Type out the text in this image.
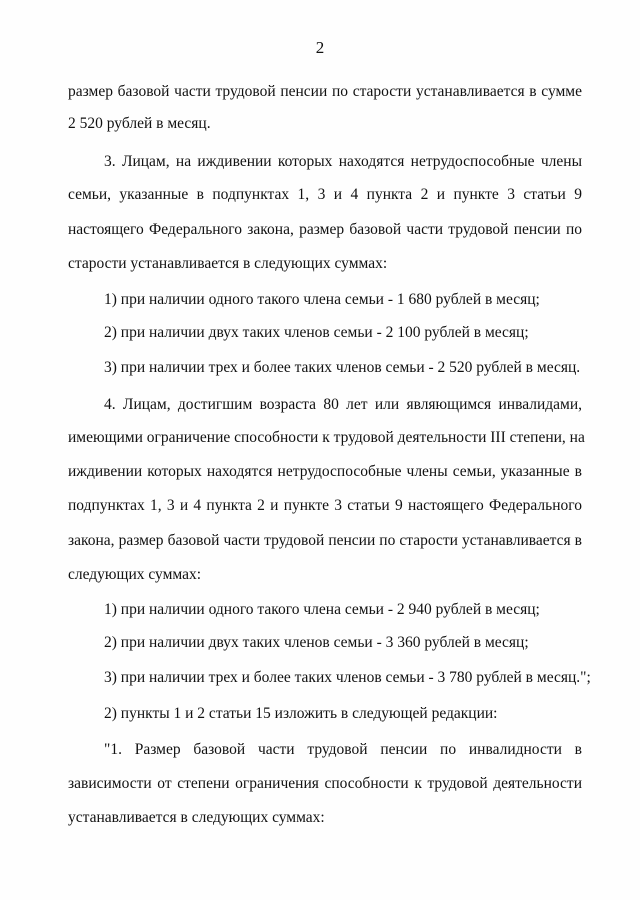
2
размер базовой части трудовой пенсии по старости устанавливается в сумме
2 520 рублей в месяц.
3. Лицам, на иждивении которых находятся нетрудоспособные члены
семьи, указанные в подпунктах 1, 3 и 4 пункта 2 и пункте 3 статьи 9
настоящего Федерального закона, размер базовой части трудовой пенсии по
старости устанавливается в следующих суммах:
1) при наличии одного такого члена семьи - 1 680 рублей в месяц;
2) при наличии двух таких членов семьи - 2 100 рублей в месяц;
3) при наличии трех и более таких членов семьи - 2 520 рублей в месяц.
4. Лицам, достигшим возраста 80 лет или являющимся инвалидами,
имеющими ограничение способности к трудовой деятельности III степени, на
иждивении которых находятся нетрудоспособные члены семьи, указанные в
подпунктах 1, 3 и 4 пункта 2 и пункте 3 статьи 9 настоящего Федерального
закона, размер базовой части трудовой пенсии по старости устанавливается в
следующих суммах:
1) при наличии одного такого члена семьи - 2 940 рублей в месяц;
2) при наличии двух таких членов семьи - 3 360 рублей в месяц;
3) при наличии трех и более таких членов семьи - 3 780 рублей в месяц.";
2) пункты 1 и 2 статьи 15 изложить в следующей редакции:
"1. Размер базовой части трудовой пенсии по инвалидности в
зависимости от степени ограничения способности к трудовой деятельности
устанавливается в следующих суммах:
